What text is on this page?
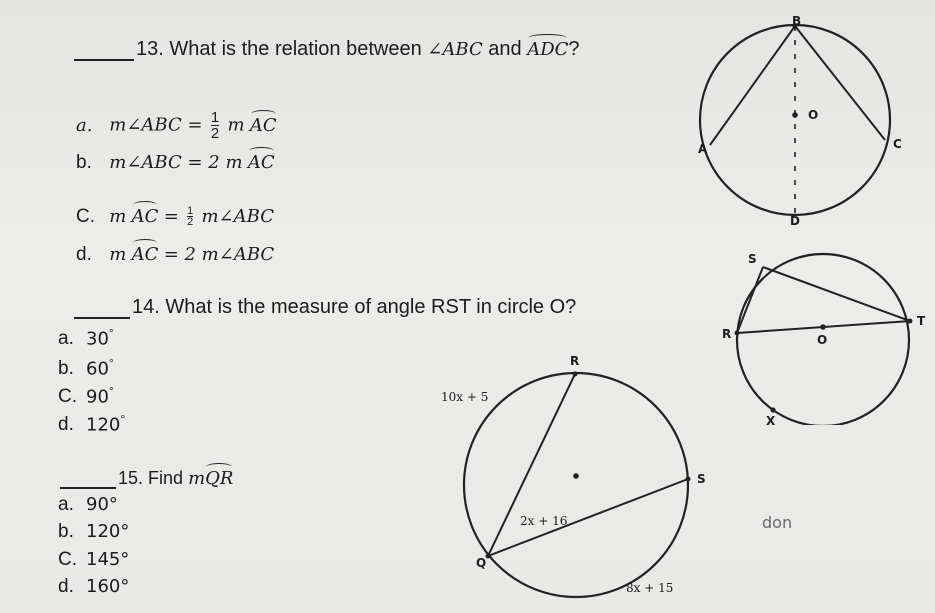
13. What is the relation between ∠ABC and ADC?
a. m∠ABC = $\frac{1}{2}$ m AC
b. m∠ABC = 2 m AC
C. m AC = $\frac{1}{2}$ m∠ABC
d. m AC = 2 m∠ABC
B
O
A	C
D
14. What is the measure of angle RST in circle O?
a. 30°
b. 60°
C. 90°
d. 120°
S
R	O
T
X
15. Find mQR
a. 90°
b. 120°
C. 145°
d. 160°
R
S
Q
10x + 5
2x + 16
8x + 15
don
